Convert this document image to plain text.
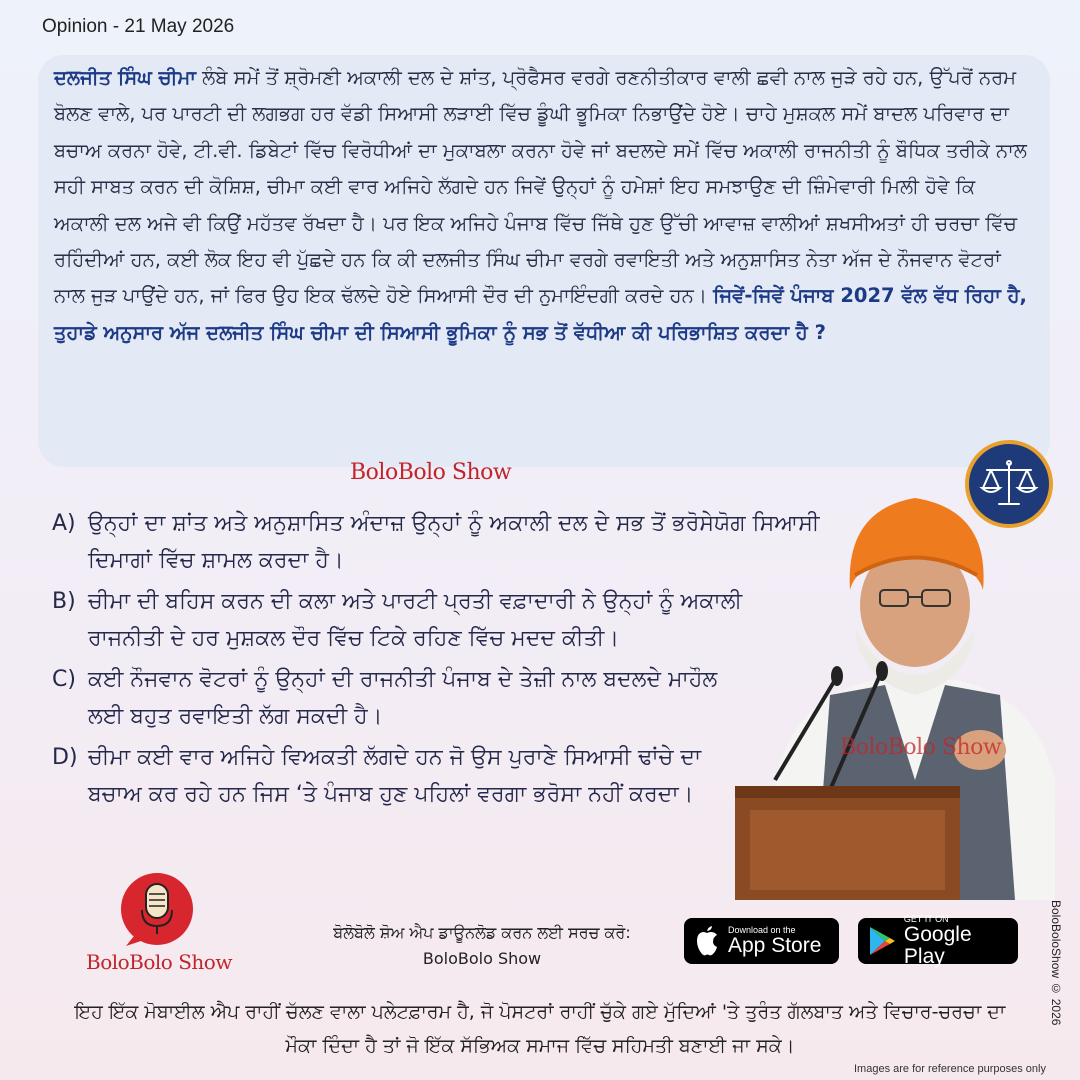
Opinion - 21 May 2026

ਦਲਜੀਤ ਸਿੰਘ ਚੀਮਾ ਲੰਬੇ ਸਮੇਂ ਤੋਂ ਸ਼੍ਰੋਮਣੀ ਅਕਾਲੀ ਦਲ ਦੇ ਸ਼ਾਂਤ, ਪ੍ਰੋਫੈਸਰ ਵਰਗੇ ਰਣਨੀਤੀਕਾਰ ਵਾਲੀ ਛਵੀ ਨਾਲ ਜੁੜੇ ਰਹੇ ਹਨ, ਉੱਪਰੋਂ ਨਰਮ ਬੋਲਣ ਵਾਲੇ, ਪਰ ਪਾਰਟੀ ਦੀ ਲਗਭਗ ਹਰ ਵੱਡੀ ਸਿਆਸੀ ਲੜਾਈ ਵਿੱਚ ਡੂੰਘੀ ਭੂਮਿਕਾ ਨਿਭਾਉਂਦੇ ਹੋਏ। ਚਾਹੇ ਮੁਸ਼ਕਲ ਸਮੇਂ ਬਾਦਲ ਪਰਿਵਾਰ ਦਾ ਬਚਾਅ ਕਰਨਾ ਹੋਵੇ, ਟੀ.ਵੀ. ਡਿਬੇਟਾਂ ਵਿੱਚ ਵਿਰੋਧੀਆਂ ਦਾ ਮੁਕਾਬਲਾ ਕਰਨਾ ਹੋਵੇ ਜਾਂ ਬਦਲਦੇ ਸਮੇਂ ਵਿੱਚ ਅਕਾਲੀ ਰਾਜਨੀਤੀ ਨੂੰ ਬੌਧਿਕ ਤਰੀਕੇ ਨਾਲ ਸਹੀ ਸਾਬਤ ਕਰਨ ਦੀ ਕੋਸ਼ਿਸ਼, ਚੀਮਾ ਕਈ ਵਾਰ ਅਜਿਹੇ ਲੱਗਦੇ ਹਨ ਜਿਵੇਂ ਉਨ੍ਹਾਂ ਨੂੰ ਹਮੇਸ਼ਾਂ ਇਹ ਸਮਝਾਉਣ ਦੀ ਜ਼ਿੰਮੇਵਾਰੀ ਮਿਲੀ ਹੋਵੇ ਕਿ ਅਕਾਲੀ ਦਲ ਅਜੇ ਵੀ ਕਿਉਂ ਮਹੱਤਵ ਰੱਖਦਾ ਹੈ। ਪਰ ਇਕ ਅਜਿਹੇ ਪੰਜਾਬ ਵਿੱਚ ਜਿੱਥੇ ਹੁਣ ਉੱਚੀ ਆਵਾਜ਼ ਵਾਲੀਆਂ ਸ਼ਖਸੀਅਤਾਂ ਹੀ ਚਰਚਾ ਵਿੱਚ ਰਹਿੰਦੀਆਂ ਹਨ, ਕਈ ਲੋਕ ਇਹ ਵੀ ਪੁੱਛਦੇ ਹਨ ਕਿ ਕੀ ਦਲਜੀਤ ਸਿੰਘ ਚੀਮਾ ਵਰਗੇ ਰਵਾਇਤੀ ਅਤੇ ਅਨੁਸ਼ਾਸਿਤ ਨੇਤਾ ਅੱਜ ਦੇ ਨੌਜਵਾਨ ਵੋਟਰਾਂ ਨਾਲ ਜੁੜ ਪਾਉਂਦੇ ਹਨ, ਜਾਂ ਫਿਰ ਉਹ ਇਕ ਢੱਲਦੇ ਹੋਏ ਸਿਆਸੀ ਦੌਰ ਦੀ ਨੁਮਾਇੰਦਗੀ ਕਰਦੇ ਹਨ। ਜਿਵੇਂ-ਜਿਵੇਂ ਪੰਜਾਬ 2027 ਵੱਲ ਵੱਧ ਰਿਹਾ ਹੈ, ਤੁਹਾਡੇ ਅਨੁਸਾਰ ਅੱਜ ਦਲਜੀਤ ਸਿੰਘ ਚੀਮਾ ਦੀ ਸਿਆਸੀ ਭੂਮਿਕਾ ਨੂੰ ਸਭ ਤੋਂ ਵੱਧੀਆ ਕੀ ਪਰਿਭਾਸ਼ਿਤ ਕਰਦਾ ਹੈ ?

BoloBolo Show
A) ਉਨ੍ਹਾਂ ਦਾ ਸ਼ਾਂਤ ਅਤੇ ਅਨੁਸ਼ਾਸਿਤ ਅੰਦਾਜ਼ ਉਨ੍ਹਾਂ ਨੂੰ ਅਕਾਲੀ ਦਲ ਦੇ ਸਭ ਤੋਂ ਭਰੋਸੇਯੋਗ ਸਿਆਸੀ ਦਿਮਾਗਾਂ ਵਿੱਚ ਸ਼ਾਮਲ ਕਰਦਾ ਹੈ।
B) ਚੀਮਾ ਦੀ ਬਹਿਸ ਕਰਨ ਦੀ ਕਲਾ ਅਤੇ ਪਾਰਟੀ ਪ੍ਰਤੀ ਵਫ਼ਾਦਾਰੀ ਨੇ ਉਨ੍ਹਾਂ ਨੂੰ ਅਕਾਲੀ ਰਾਜਨੀਤੀ ਦੇ ਹਰ ਮੁਸ਼ਕਲ ਦੌਰ ਵਿੱਚ ਟਿਕੇ ਰਹਿਣ ਵਿੱਚ ਮਦਦ ਕੀਤੀ।
C) ਕਈ ਨੌਜਵਾਨ ਵੋਟਰਾਂ ਨੂੰ ਉਨ੍ਹਾਂ ਦੀ ਰਾਜਨੀਤੀ ਪੰਜਾਬ ਦੇ ਤੇਜ਼ੀ ਨਾਲ ਬਦਲਦੇ ਮਾਹੌਲ ਲਈ ਬਹੁਤ ਰਵਾਇਤੀ ਲੱਗ ਸਕਦੀ ਹੈ।
D) ਚੀਮਾ ਕਈ ਵਾਰ ਅਜਿਹੇ ਵਿਅਕਤੀ ਲੱਗਦੇ ਹਨ ਜੋ ਉਸ ਪੁਰਾਣੇ ਸਿਆਸੀ ਢਾਂਚੇ ਦਾ ਬਚਾਅ ਕਰ ਰਹੇ ਹਨ ਜਿਸ ‘ਤੇ ਪੰਜਾਬ ਹੁਣ ਪਹਿਲਾਂ ਵਰਗਾ ਭਰੋਸਾ ਨਹੀਂ ਕਰਦਾ।
BoloBolo Show
BoloBolo Show
ਬੋਲੋਬੋਲੋ ਸ਼ੋਅ ਐਪ ਡਾਊਨਲੋਡ ਕਰਨ ਲਈ ਸਰਚ ਕਰੋ:
BoloBolo Show
Download on the
App Store
GET IT ON
Google Play
ਇਹ ਇੱਕ ਮੋਬਾਈਲ ਐਪ ਰਾਹੀਂ ਚੱਲਣ ਵਾਲਾ ਪਲੇਟਫ਼ਾਰਮ ਹੈ, ਜੋ ਪੋਸਟਰਾਂ ਰਾਹੀਂ ਚੁੱਕੇ ਗਏ ਮੁੱਦਿਆਂ 'ਤੇ ਤੁਰੰਤ ਗੱਲਬਾਤ ਅਤੇ ਵਿਚਾਰ-ਚਰਚਾ ਦਾ ਮੌਕਾ ਦਿੰਦਾ ਹੈ ਤਾਂ ਜੋ ਇੱਕ ਸੱਭਿਅਕ ਸਮਾਜ ਵਿੱਚ ਸਹਿਮਤੀ ਬਣਾਈ ਜਾ ਸਕੇ।
BoloBoloShow © 2026
Images are for reference purposes only
